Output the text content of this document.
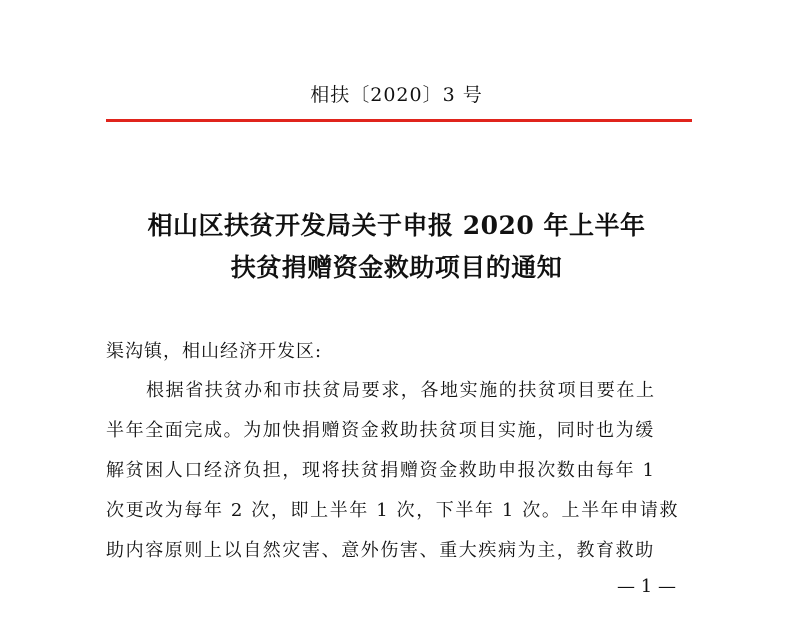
相扶〔2020〕3 号
相山区扶贫开发局关于申报 2020 年上半年
扶贫捐赠资金救助项目的通知
渠沟镇，相山经济开发区:
根据省扶贫办和市扶贫局要求，各地实施的扶贫项目要在上
半年全面完成。为加快捐赠资金救助扶贫项目实施，同时也为缓
解贫困人口经济负担，现将扶贫捐赠资金救助申报次数由每年 1
次更改为每年 2 次，即上半年 1 次，下半年 1 次。上半年申请救
助内容原则上以自然灾害、意外伤害、重大疾病为主，教育救助
— 1 —
